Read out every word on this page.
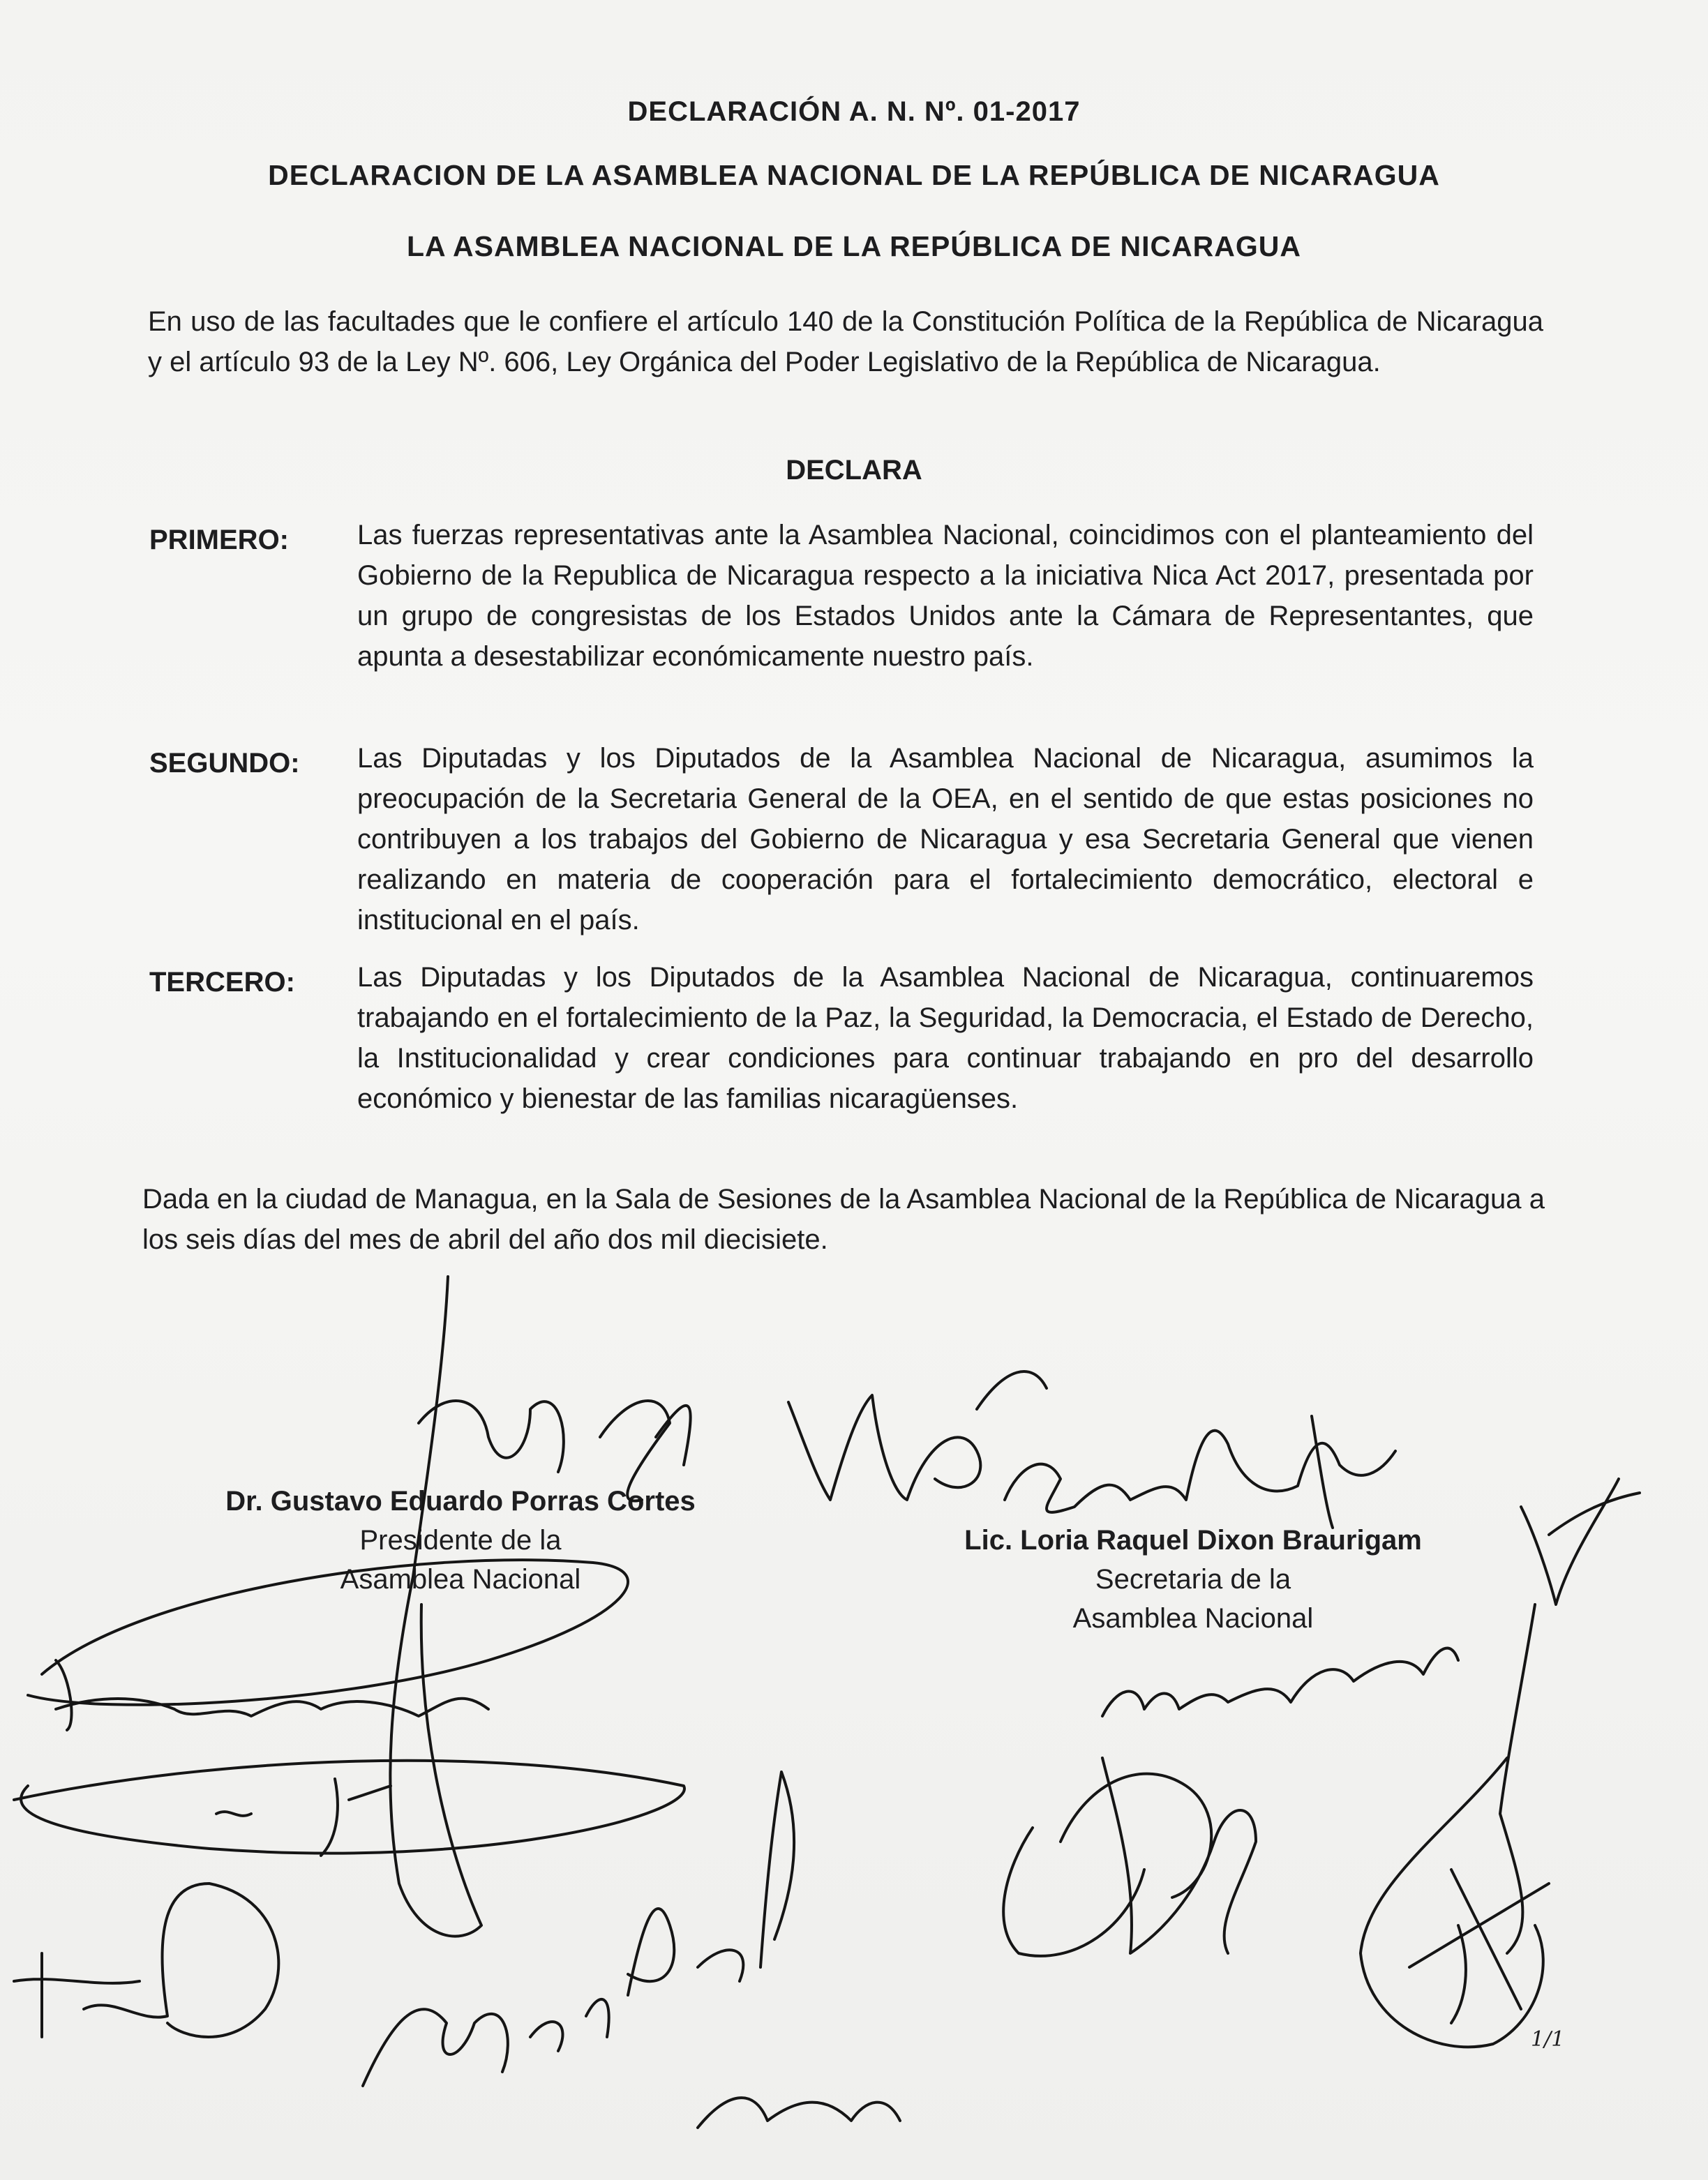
DECLARACIÓN A. N. Nº. 01-2017
DECLARACION DE LA ASAMBLEA NACIONAL DE LA REPÚBLICA DE NICARAGUA
LA ASAMBLEA NACIONAL DE LA REPÚBLICA DE NICARAGUA
En uso de las facultades que le confiere el artículo 140 de la Constitución Política de la República de Nicaragua y el artículo 93 de la Ley Nº. 606, Ley Orgánica del Poder Legislativo de la República de Nicaragua.
DECLARA
PRIMERO: Las fuerzas representativas ante la Asamblea Nacional, coincidimos con el planteamiento del Gobierno de la Republica de Nicaragua respecto a la iniciativa Nica Act 2017, presentada por un grupo de congresistas de los Estados Unidos ante la Cámara de Representantes, que apunta a desestabilizar económicamente nuestro país.
SEGUNDO: Las Diputadas y los Diputados de la Asamblea Nacional de Nicaragua, asumimos la preocupación de la Secretaria General de la OEA, en el sentido de que estas posiciones no contribuyen a los trabajos del Gobierno de Nicaragua y esa Secretaria General que vienen realizando en materia de cooperación para el fortalecimiento democrático, electoral e institucional en el país.
TERCERO: Las Diputadas y los Diputados de la Asamblea Nacional de Nicaragua, continuaremos trabajando en el fortalecimiento de la Paz, la Seguridad, la Democracia, el Estado de Derecho, la Institucionalidad y crear condiciones para continuar trabajando en pro del desarrollo económico y bienestar de las familias nicaragüenses.
Dada en la ciudad de Managua, en la Sala de Sesiones de la Asamblea Nacional de la República de Nicaragua a los seis días del mes de abril del año dos mil diecisiete.
Dr. Gustavo Eduardo Porras Cortes
Presidente de la
Asamblea Nacional
Lic. Loria Raquel Dixon Braurigam
Secretaria de la
Asamblea Nacional
1/1
